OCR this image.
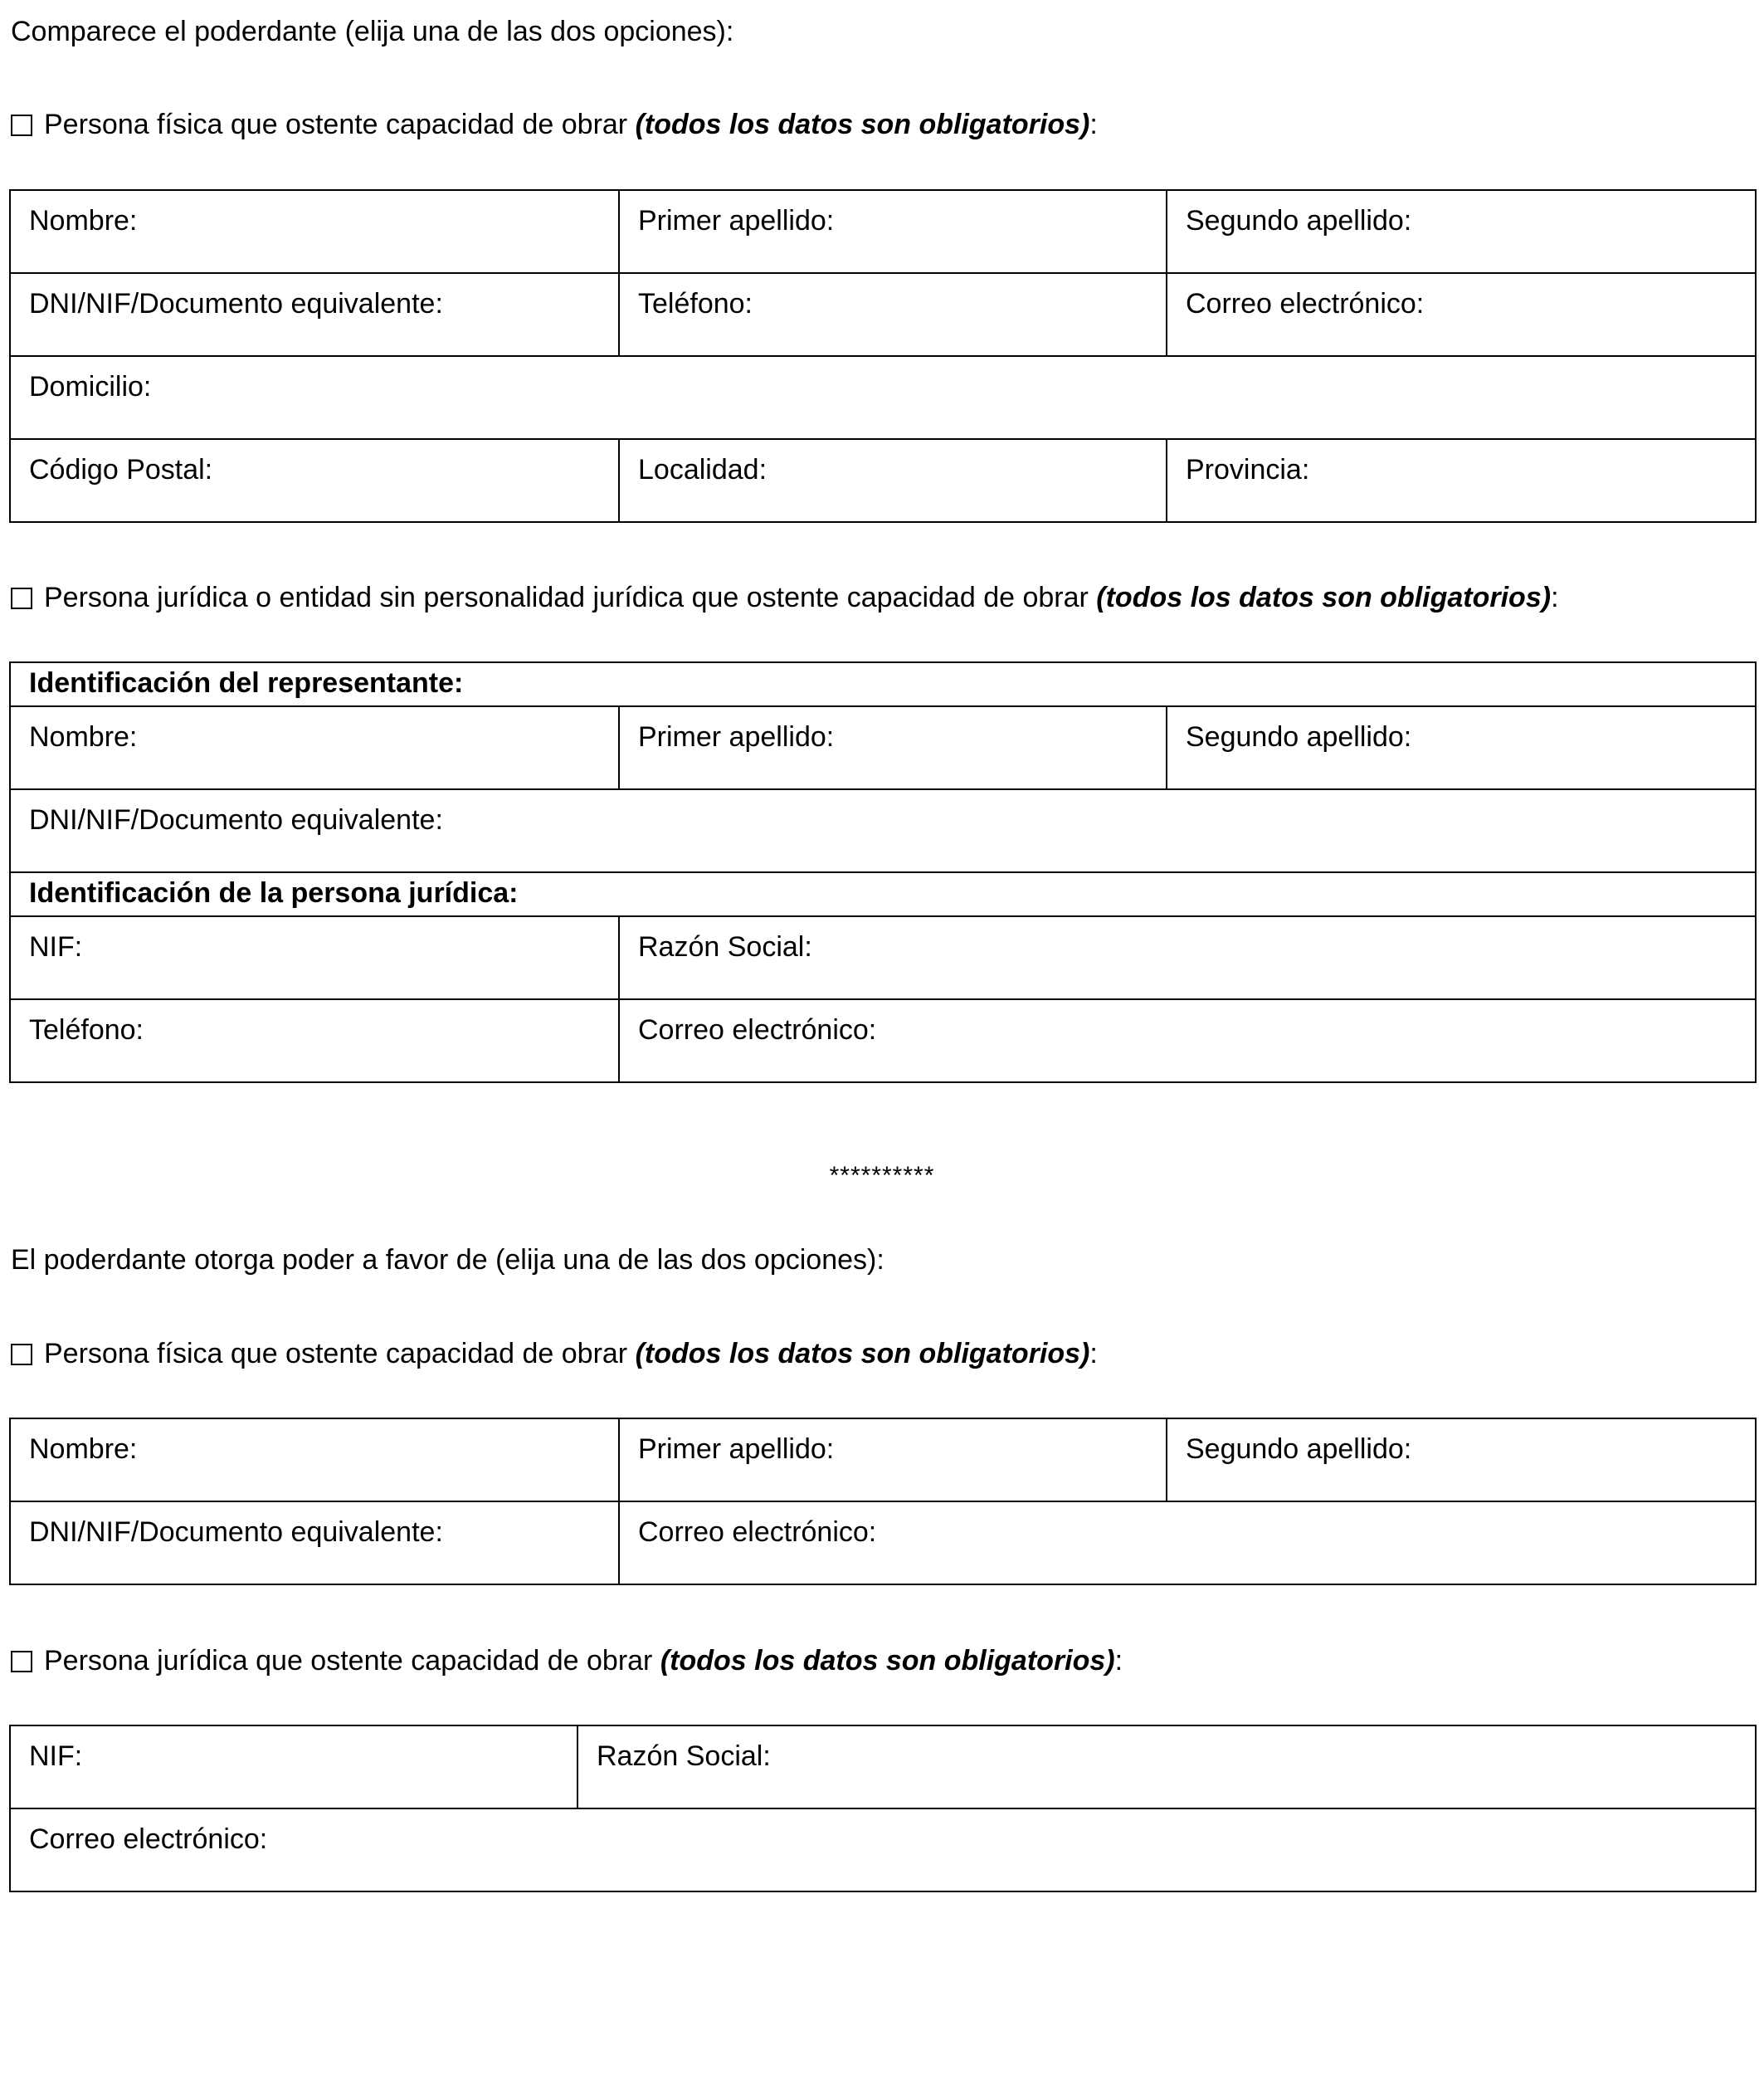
Comparece el poderdante (elija una de las dos opciones):
Persona física que ostente capacidad de obrar (todos los datos son obligatorios):
Nombre:	Primer apellido:	Segundo apellido:
DNI/NIF/Documento equivalente:	Teléfono:	Correo electrónico:
Domicilio:		
Código Postal:	Localidad:	Provincia:
Persona jurídica o entidad sin personalidad jurídica que ostente capacidad de obrar (todos los datos son obligatorios):
Identificación del representante:		
Nombre:	Primer apellido:	Segundo apellido:
DNI/NIF/Documento equivalente:		
Identificación de la persona jurídica:		
NIF:	Razón Social:	
Teléfono:	Correo electrónico:	
**********
El poderdante otorga poder a favor de (elija una de las dos opciones):
Persona física que ostente capacidad de obrar (todos los datos son obligatorios):
Nombre:	Primer apellido:	Segundo apellido:
DNI/NIF/Documento equivalente:	Correo electrónico:	
Persona jurídica que ostente capacidad de obrar (todos los datos son obligatorios):
NIF:	Razón Social:
Correo electrónico:
